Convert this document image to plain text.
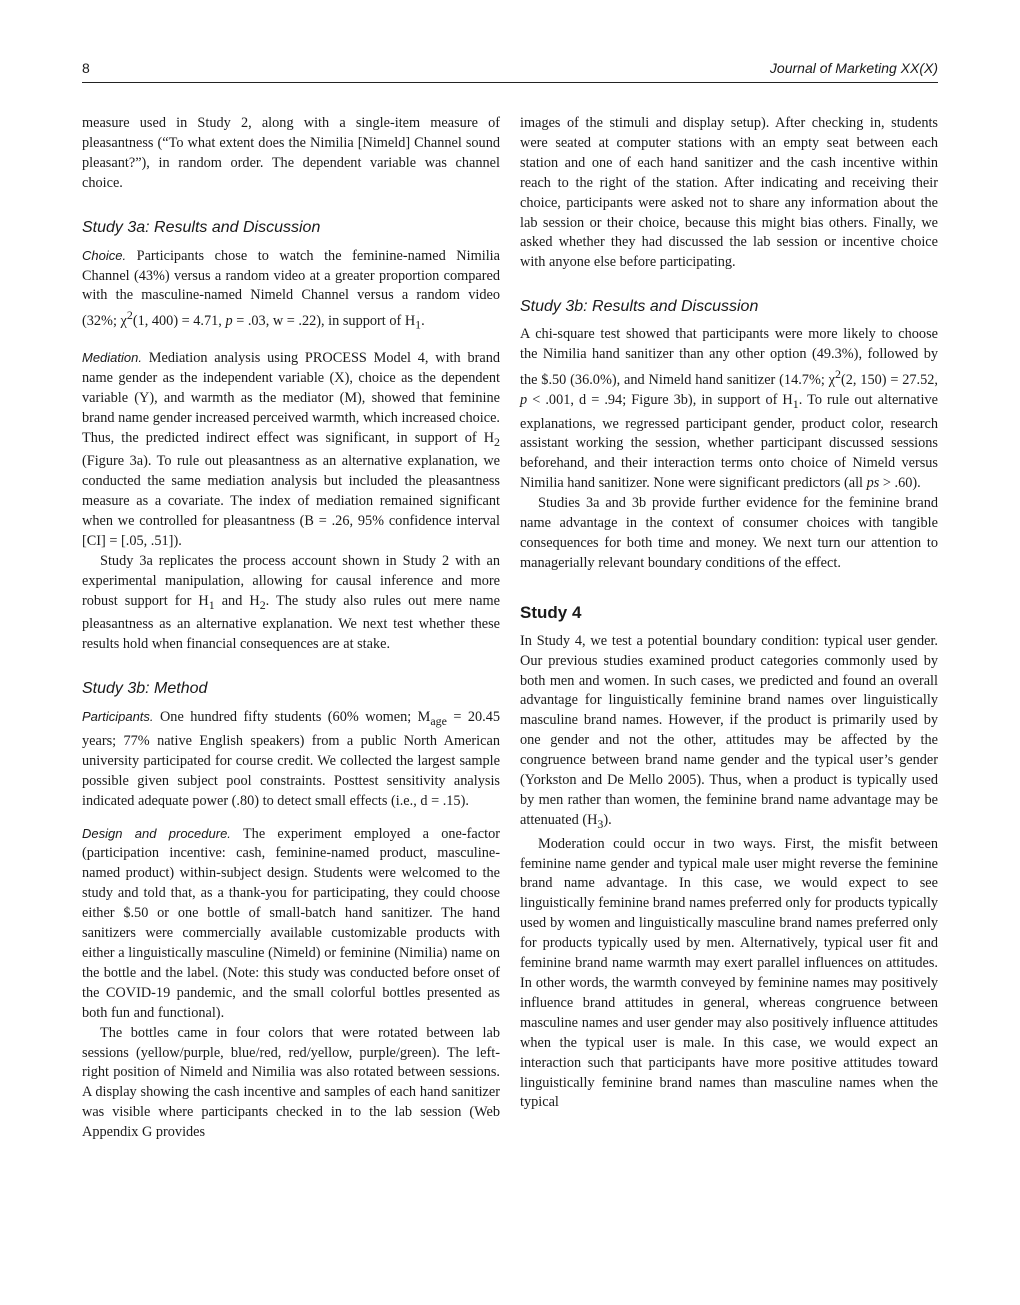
8	Journal of Marketing XX(X)

measure used in Study 2, along with a single-item measure of pleasantness (“To what extent does the Nimilia [Nimeld] Channel sound pleasant?”), in random order. The dependent variable was channel choice.

Study 3a: Results and Discussion

Choice. Participants chose to watch the feminine-named Nimilia Channel (43%) versus a random video at a greater proportion compared with the masculine-named Nimeld Channel versus a random video (32%; $\chi^2(1$, 400) = 4.71, p = .03, w = .22), in support of $H_1$.

Mediation. Mediation analysis using PROCESS Model 4, with brand name gender as the independent variable (X), choice as the dependent variable (Y), and warmth as the mediator (M), showed that feminine brand name gender increased perceived warmth, which increased choice. Thus, the predicted indirect effect was significant, in support of $H_2$ (Figure 3a). To rule out pleasantness as an alternative explanation, we conducted the same mediation analysis but included the pleasantness measure as a covariate. The index of mediation remained significant when we controlled for pleasantness (B = .26, 95% confidence interval [CI] = [.05, .51]).

Study 3a replicates the process account shown in Study 2 with an experimental manipulation, allowing for causal inference and more robust support for $H_1$ and $H_2$. The study also rules out mere name pleasantness as an alternative explanation. We next test whether these results hold when financial consequences are at stake.

Study 3b: Method

Participants. One hundred fifty students (60% women; $M_{age} = 20.45$ years; 77% native English speakers) from a public North American university participated for course credit. We collected the largest sample possible given subject pool constraints. Posttest sensitivity analysis indicated adequate power (.80) to detect small effects (i.e., d = .15).

Design and procedure. The experiment employed a one-factor (participation incentive: cash, feminine-named product, masculine-named product) within-subject design. Students were welcomed to the study and told that, as a thank-you for participating, they could choose either $.50 or one bottle of small-batch hand sanitizer. The hand sanitizers were commercially available customizable products with either a linguistically masculine (Nimeld) or feminine (Nimilia) name on the bottle and the label. (Note: this study was conducted before onset of the COVID-19 pandemic, and the small colorful bottles presented as both fun and functional).

The bottles came in four colors that were rotated between lab sessions (yellow/purple, blue/red, red/yellow, purple/green). The left-right position of Nimeld and Nimilia was also rotated between sessions. A display showing the cash incentive and samples of each hand sanitizer was visible where participants checked in to the lab session (Web Appendix G provides

images of the stimuli and display setup). After checking in, students were seated at computer stations with an empty seat between each station and one of each hand sanitizer and the cash incentive within reach to the right of the station. After indicating and receiving their choice, participants were asked not to share any information about the lab session or their choice, because this might bias others. Finally, we asked whether they had discussed the lab session or incentive choice with anyone else before participating.

Study 3b: Results and Discussion

A chi-square test showed that participants were more likely to choose the Nimilia hand sanitizer than any other option (49.3%), followed by the $.50 (36.0%), and Nimeld hand sanitizer (14.7%; $\chi^2(2$, 150) = 27.52, p < .001, d = .94; Figure 3b), in support of $H_1$. To rule out alternative explanations, we regressed participant gender, product color, research assistant working the session, whether participant discussed sessions beforehand, and their interaction terms onto choice of Nimeld versus Nimilia hand sanitizer. None were significant predictors (all ps > .60).

Studies 3a and 3b provide further evidence for the feminine brand name advantage in the context of consumer choices with tangible consequences for both time and money. We next turn our attention to managerially relevant boundary conditions of the effect.

Study 4

In Study 4, we test a potential boundary condition: typical user gender. Our previous studies examined product categories commonly used by both men and women. In such cases, we predicted and found an overall advantage for linguistically feminine brand names over linguistically masculine brand names. However, if the product is primarily used by one gender and not the other, attitudes may be affected by the congruence between brand name gender and the typical user’s gender (Yorkston and De Mello 2005). Thus, when a product is typically used by men rather than women, the feminine brand name advantage may be attenuated $(H_3)$.

Moderation could occur in two ways. First, the misfit between feminine name gender and typical male user might reverse the feminine brand name advantage. In this case, we would expect to see linguistically feminine brand names preferred only for products typically used by women and linguistically masculine brand names preferred only for products typically used by men. Alternatively, typical user fit and feminine brand name warmth may exert parallel influences on attitudes. In other words, the warmth conveyed by feminine names may positively influence brand attitudes in general, whereas congruence between masculine names and user gender may also positively influence attitudes when the typical user is male. In this case, we would expect an interaction such that participants have more positive attitudes toward linguistically feminine brand names than masculine names when the typical
